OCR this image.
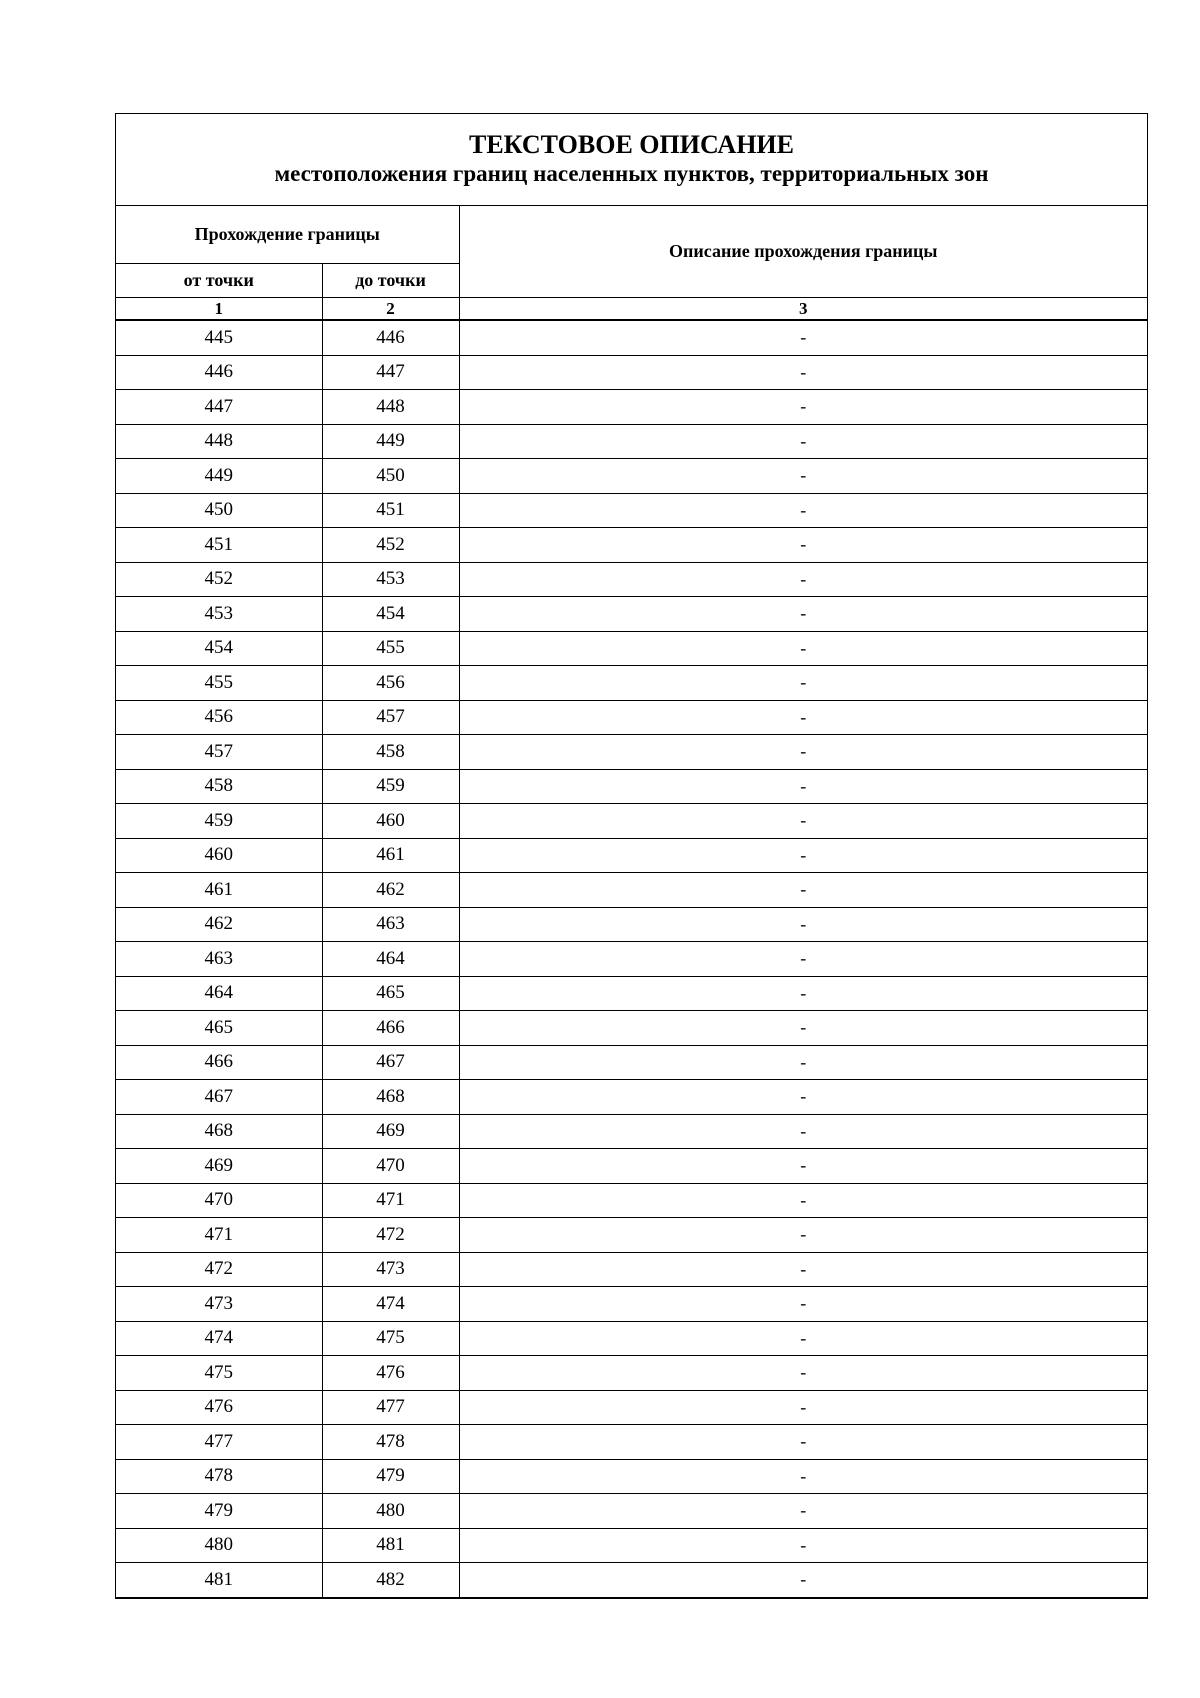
ТЕКСТОВОЕ ОПИСАНИЕ
местоположения границ населенных пунктов, территориальных зон
Прохождение границы		Описание прохождения границы
от точки	до точки	
1	2	3
445	446	-
446	447	-
447	448	-
448	449	-
449	450	-
450	451	-
451	452	-
452	453	-
453	454	-
454	455	-
455	456	-
456	457	-
457	458	-
458	459	-
459	460	-
460	461	-
461	462	-
462	463	-
463	464	-
464	465	-
465	466	-
466	467	-
467	468	-
468	469	-
469	470	-
470	471	-
471	472	-
472	473	-
473	474	-
474	475	-
475	476	-
476	477	-
477	478	-
478	479	-
479	480	-
480	481	-
481	482	-
